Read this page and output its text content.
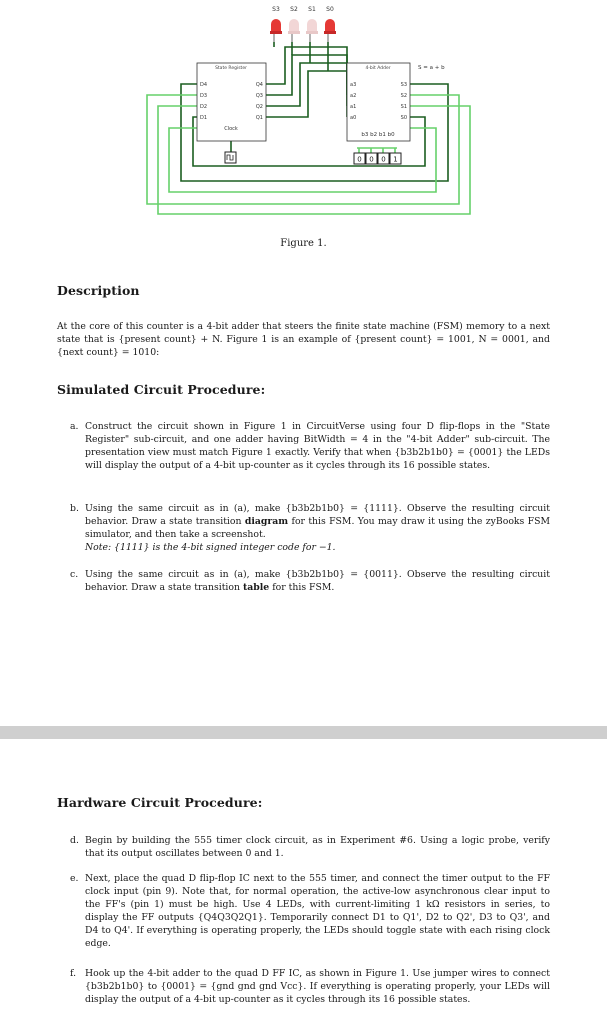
S3 S2 S1 S0
State Register
D4
D3
D2
D1
Q4
Q3
Q2
Q1
Clock
4-bit Adder
a3
a2
a1
a0
S3
S2
S1
S0
b3 b2 b1 b0
S = a + b
0 0 0 1
Figure 1.
Description
At the core of this counter is a 4-bit adder that steers the finite state machine (FSM) memory to a next state that is {present count} + N. Figure 1 is an example of {present count} = 1001, N = 0001, and {next count} = 1010:
Simulated Circuit Procedure:
a. Construct the circuit shown in Figure 1 in CircuitVerse using four D flip-flops in the "State Register" sub-circuit, and one adder having BitWidth = 4 in the "4-bit Adder" sub-circuit. The presentation view must match Figure 1 exactly. Verify that when {b3b2b1b0} = {0001} the LEDs will display the output of a 4-bit up-counter as it cycles through its 16 possible states.
b. Using the same circuit as in (a), make {b3b2b1b0} = {1111}. Observe the resulting circuit behavior. Draw a state transition diagram for this FSM. You may draw it using the zyBooks FSM simulator, and then take a screenshot.
Note: {1111} is the 4-bit signed integer code for −1.
c. Using the same circuit as in (a), make {b3b2b1b0} = {0011}. Observe the resulting circuit behavior. Draw a state transition table for this FSM.
Hardware Circuit Procedure:
d. Begin by building the 555 timer clock circuit, as in Experiment #6. Using a logic probe, verify that its output oscillates between 0 and 1.
e. Next, place the quad D flip-flop IC next to the 555 timer, and connect the timer output to the FF clock input (pin 9). Note that, for normal operation, the active-low asynchronous clear input to the FF's (pin 1) must be high. Use 4 LEDs, with current-limiting 1 kΩ resistors in series, to display the FF outputs {Q4Q3Q2Q1}. Temporarily connect D1 to Q1', D2 to Q2', D3 to Q3', and D4 to Q4'. If everything is operating properly, the LEDs should toggle state with each rising clock edge.
f. Hook up the 4-bit adder to the quad D FF IC, as shown in Figure 1. Use jumper wires to connect {b3b2b1b0} to {0001} = {gnd gnd gnd Vcc}. If everything is operating properly, your LEDs will display the output of a 4-bit up-counter as it cycles through its 16 possible states.
